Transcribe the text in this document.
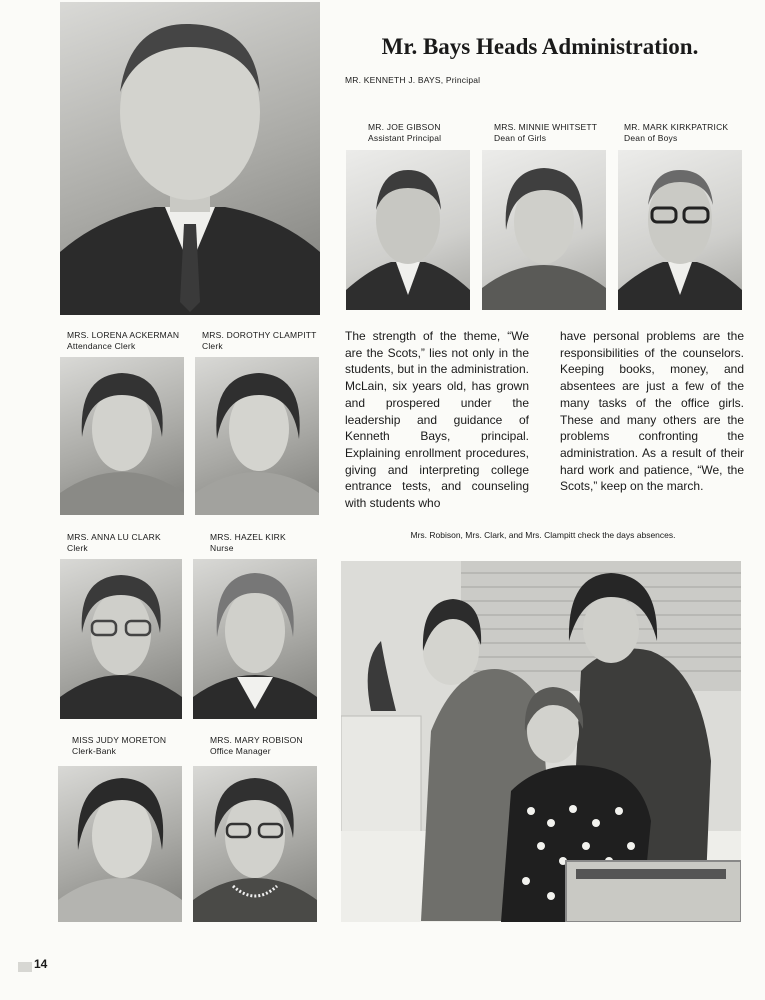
Mr. Bays Heads Administration.
MR. KENNETH J. BAYS, Principal
MR. JOE GIBSON
Assistant Principal
MRS. MINNIE WHITSETT
Dean of Girls
MR. MARK KIRKPATRICK
Dean of Boys

The strength of the theme, “We are the Scots,” lies not only in the students, but in the administration. McLain, six years old, has grown and prospered under the leadership and guidance of Kenneth Bays, principal. Explaining enrollment procedures, giving and interpreting college entrance tests, and counseling with students who

have personal problems are the responsibilities of the counselors. Keeping books, money, and absentees are just a few of the many tasks of the office girls. These and many others are the problems confronting the administration. As a result of their hard work and patience, “We, the Scots,” keep on the march.

MRS. LORENA ACKERMAN
Attendance Clerk
MRS. DOROTHY CLAMPITT
Clerk
MRS. ANNA LU CLARK
Clerk
MRS. HAZEL KIRK
Nurse
MISS JUDY MORETON
Clerk-Bank
MRS. MARY ROBISON
Office Manager
Mrs. Robison, Mrs. Clark, and Mrs. Clampitt check the days absences.
14
